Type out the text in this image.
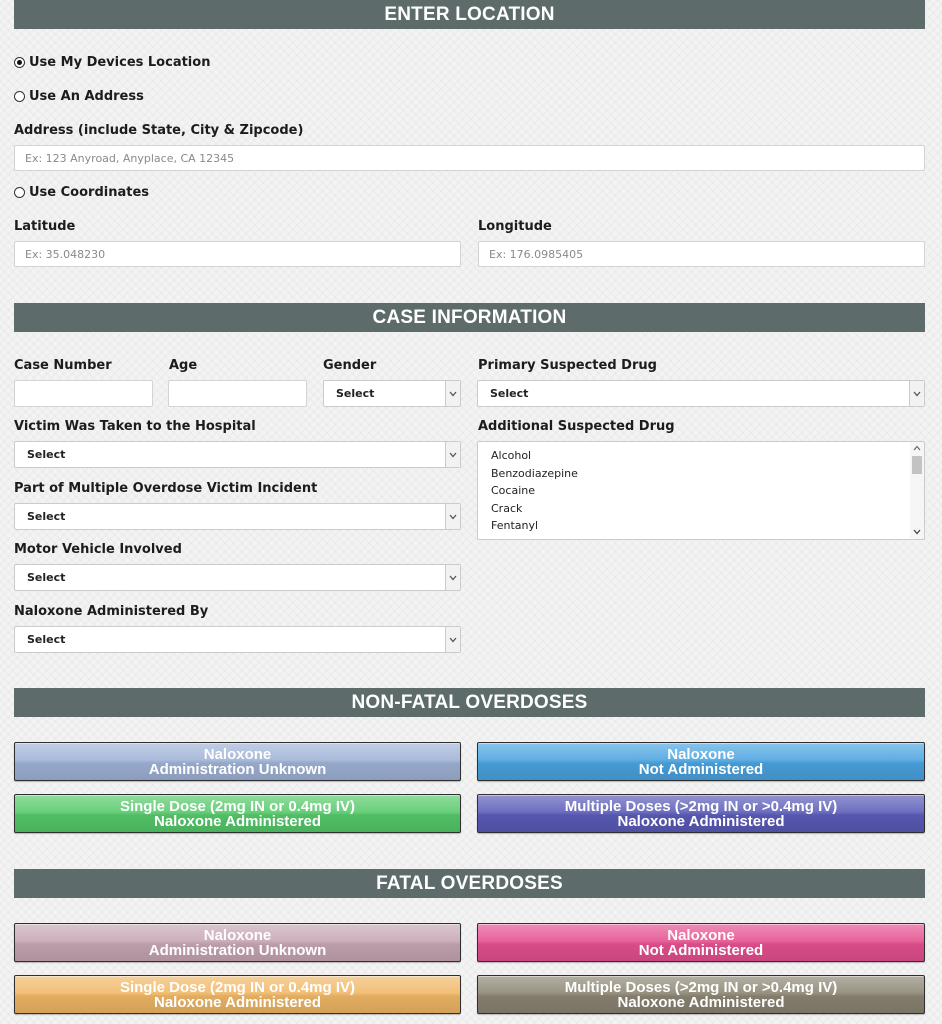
ENTER LOCATION
Use My Devices Location
Use An Address
Address (include State, City & Zipcode)
Ex: 123 Anyroad, Anyplace, CA 12345
Use Coordinates
Latitude
Ex: 35.048230	Longitude
Ex: 176.0985405
CASE INFORMATION
Case Number	Age	Gender
Select
Primary Suspected Drug
Select
Victim Was Taken to the Hospital
Select
Additional Suspected Drug
Alcohol
Benzodiazepine
Cocaine
Crack
Fentanyl
Part of Multiple Overdose Victim Incident
Select
Motor Vehicle Involved
Select
Naloxone Administered By
Select
NON-FATAL OVERDOSES
Naloxone
Administration Unknown
Naloxone
Not Administered
Single Dose (2mg IN or 0.4mg IV)
Naloxone Administered
Multiple Doses (>2mg IN or >0.4mg IV)
Naloxone Administered
FATAL OVERDOSES
Naloxone
Administration Unknown
Naloxone
Not Administered
Single Dose (2mg IN or 0.4mg IV)
Naloxone Administered
Multiple Doses (>2mg IN or >0.4mg IV)
Naloxone Administered
